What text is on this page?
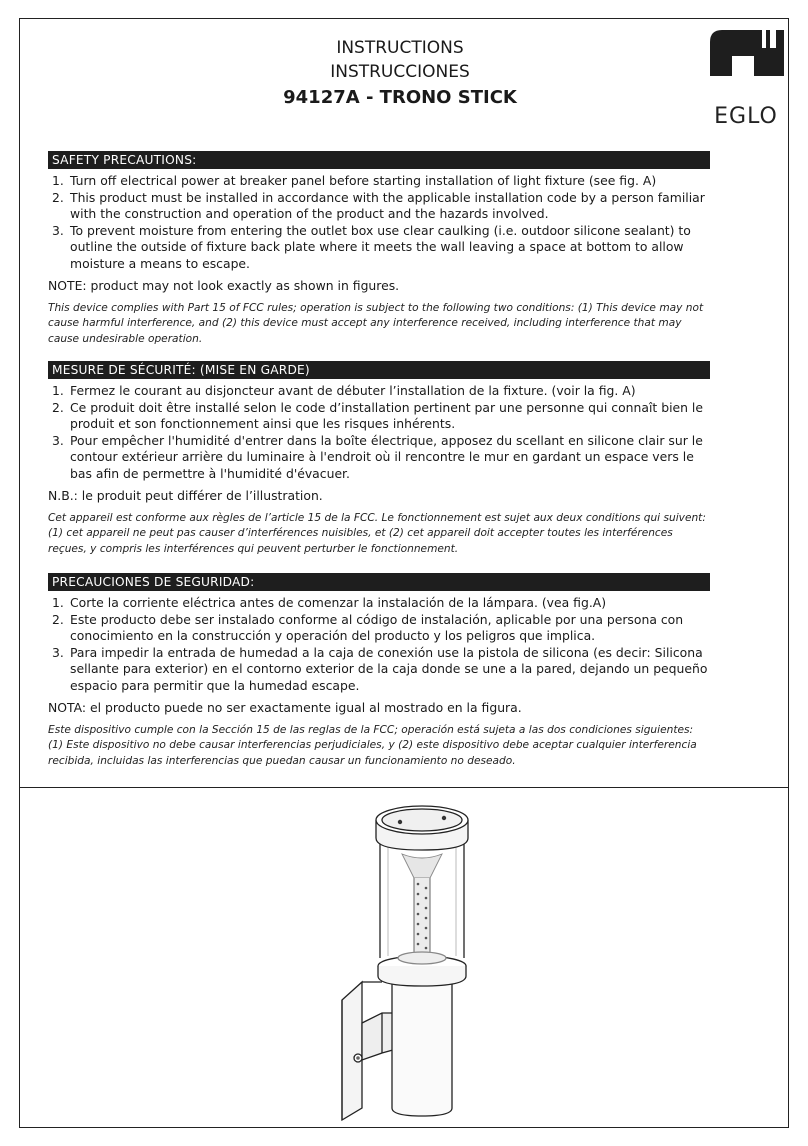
INSTRUCTIONS
INSTRUCCIONES
94127A - TRONO STICK
EGLO
SAFETY PRECAUTIONS:
1. Turn off electrical power at breaker panel before starting installation of light fixture (see fig. A)
2. This product must be installed in accordance with the applicable installation code by a person familiar with the construction and operation of the product and the hazards involved.
3. To prevent moisture from entering the outlet box use clear caulking (i.e. outdoor silicone sealant) to outline the outside of fixture back plate where it meets the wall leaving a space at bottom to allow moisture a means to escape.
NOTE: product may not look exactly as shown in figures.
This device complies with Part 15 of FCC rules; operation is subject to the following two conditions: (1) This device may not cause harmful interference, and (2) this device must accept any interference received, including interference that may cause undesirable operation.
MESURE DE SÉCURITÉ: (MISE EN GARDE)
1. Fermez le courant au disjoncteur avant de débuter l’installation de la fixture. (voir la fig. A)
2. Ce produit doit être installé selon le code d’installation pertinent par une personne qui connaît bien le produit et son fonctionnement ainsi que les risques inhérents.
3. Pour empêcher l'humidité d'entrer dans la boîte électrique, apposez du scellant en silicone clair sur le contour extérieur arrière du luminaire à l'endroit où il rencontre le mur en gardant un espace vers le bas afin de permettre à l'humidité d'évacuer.
N.B.: le produit peut différer de l’illustration.
Cet appareil est conforme aux règles de l’article 15 de la FCC. Le fonctionnement est sujet aux deux conditions qui suivent: (1) cet appareil ne peut pas causer d’interférences nuisibles, et (2) cet appareil doit accepter toutes les interférences reçues, y compris les interférences qui peuvent perturber le fonctionnement.
PRECAUCIONES DE SEGURIDAD:
1. Corte la corriente eléctrica antes de comenzar la instalación de la lámpara. (vea fig.A)
2. Este producto debe ser instalado conforme al código de instalación, aplicable por una persona con conocimiento en la construcción y operación del producto y los peligros que implica.
3. Para impedir la entrada de humedad a la caja de conexión use la pistola de silicona (es decir: Silicona sellante para exterior) en el contorno exterior de la caja donde se une a la pared, dejando un pequeño espacio para permitir que la humedad escape.
NOTA: el producto puede no ser exactamente igual al mostrado en la figura.
Este dispositivo cumple con la Sección 15 de las reglas de la FCC; operación está sujeta a las dos condiciones siguientes: (1) Este dispositivo no debe causar interferencias perjudiciales, y (2) este dispositivo debe aceptar cualquier interferencia recibida, incluidas las interferencias que puedan causar un funcionamiento no deseado.
